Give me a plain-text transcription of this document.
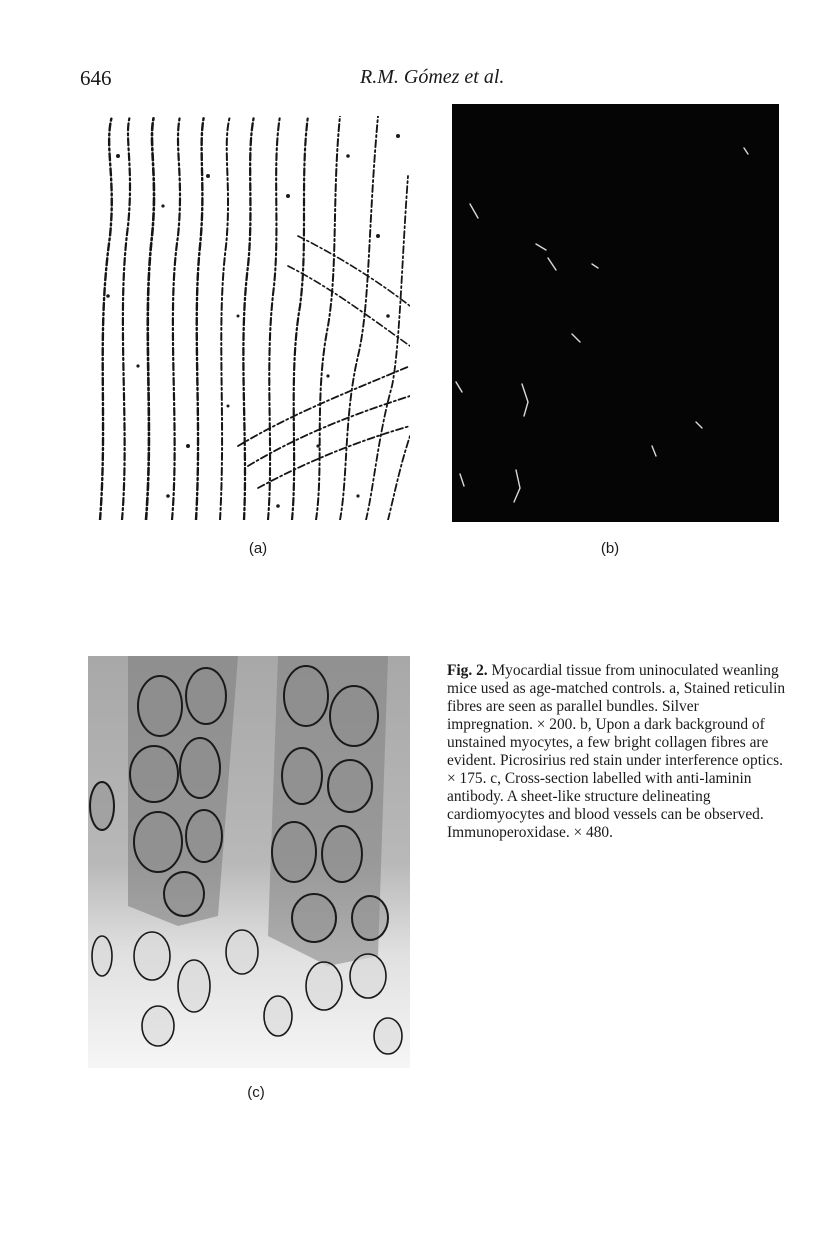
646	R.M. Gómez et al.
(a)	(b)
(c)
Fig. 2. Myocardial tissue from uninoculated weanling mice used as age-matched controls. a, Stained reticulin fibres are seen as parallel bundles. Silver impregnation. × 200. b, Upon a dark background of unstained myocytes, a few bright collagen fibres are evident. Picrosirius red stain under interference optics. × 175. c, Cross-section labelled with anti-laminin antibody. A sheet-like structure delineating cardiomyocytes and blood vessels can be observed. Immunoperoxidase. × 480.
